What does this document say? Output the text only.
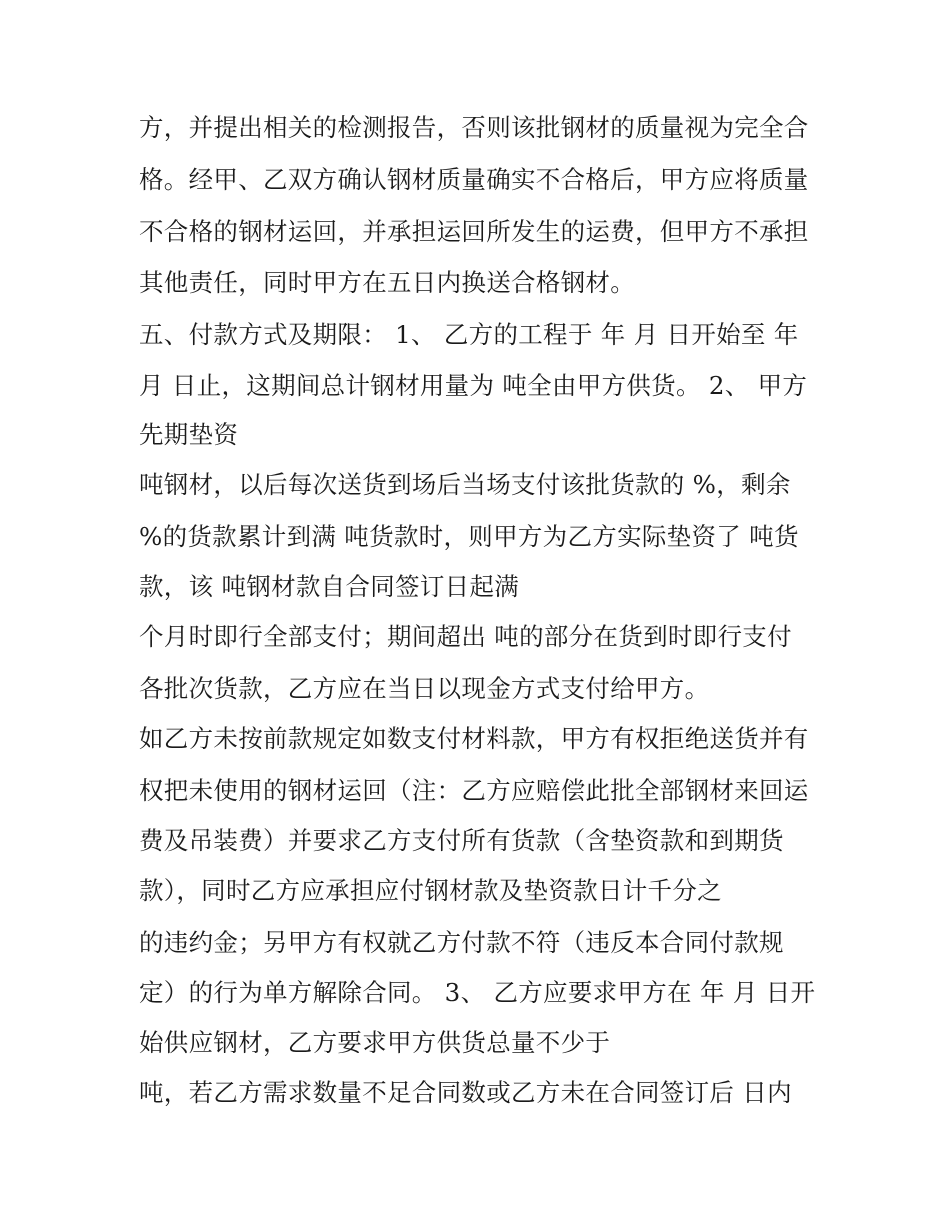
方，并提出相关的检测报告，否则该批钢材的质量视为完全合
格。经甲、乙双方确认钢材质量确实不合格后，甲方应将质量
不合格的钢材运回，并承担运回所发生的运费，但甲方不承担
其他责任，同时甲方在五日内换送合格钢材。
五、付款方式及期限： 1、 乙方的工程于 年 月 日开始至 年
月 日止，这期间总计钢材用量为 吨全由甲方供货。 2、 甲方
先期垫资
吨钢材，以后每次送货到场后当场支付该批货款的 %，剩余
%的货款累计到满 吨货款时，则甲方为乙方实际垫资了 吨货
款，该 吨钢材款自合同签订日起满
个月时即行全部支付；期间超出 吨的部分在货到时即行支付
各批次货款，乙方应在当日以现金方式支付给甲方。
如乙方未按前款规定如数支付材料款，甲方有权拒绝送货并有
权把未使用的钢材运回（注：乙方应赔偿此批全部钢材来回运
费及吊装费）并要求乙方支付所有货款（含垫资款和到期货
款），同时乙方应承担应付钢材款及垫资款日计千分之
的违约金；另甲方有权就乙方付款不符（违反本合同付款规
定）的行为单方解除合同。 3、 乙方应要求甲方在 年 月 日开
始供应钢材，乙方要求甲方供货总量不少于
吨，若乙方需求数量不足合同数或乙方未在合同签订后 日内
